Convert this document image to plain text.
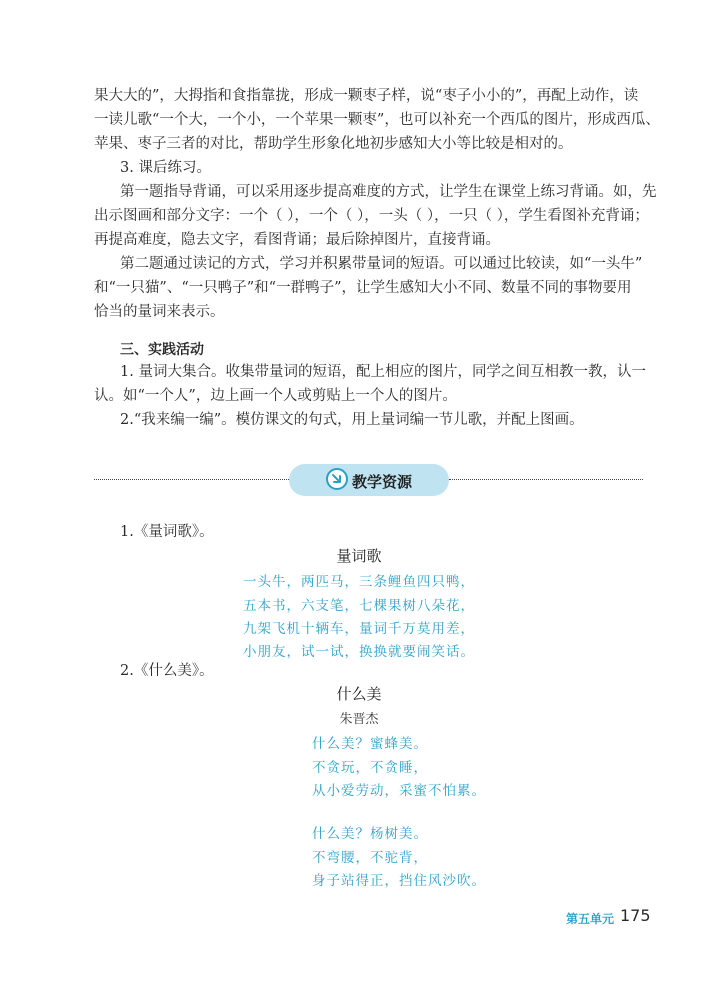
果大大的”，大拇指和食指靠拢，形成一颗枣子样，说“枣子小小的”，再配上动作，读
一读儿歌“一个大，一个小，一个苹果一颗枣”，也可以补充一个西瓜的图片，形成西瓜、
苹果、枣子三者的对比，帮助学生形象化地初步感知大小等比较是相对的。
3. 课后练习。
第一题指导背诵，可以采用逐步提高难度的方式，让学生在课堂上练习背诵。如，先
出示图画和部分文字：一个（ ），一个（ ），一头（ ），一只（ ），学生看图补充背诵；
再提高难度，隐去文字，看图背诵；最后除掉图片，直接背诵。
第二题通过读记的方式，学习并积累带量词的短语。可以通过比较读，如“一头牛”
和“一只猫”、“一只鸭子”和“一群鸭子”，让学生感知大小不同、数量不同的事物要用
恰当的量词来表示。
三、实践活动
1. 量词大集合。收集带量词的短语，配上相应的图片，同学之间互相教一教，认一
认。如“一个人”，边上画一个人或剪贴上一个人的图片。
2.“我来编一编”。模仿课文的句式，用上量词编一节儿歌，并配上图画。
教学资源
1.《量词歌》。
量词歌
一头牛，两匹马，三条鲤鱼四只鸭，
五本书，六支笔，七棵果树八朵花，
九架飞机十辆车，量词千万莫用差，
小朋友，试一试，换换就要闹笑话。
2.《什么美》。
什么美
朱晋杰
什么美？蜜蜂美。
不贪玩，不贪睡，
从小爱劳动，采蜜不怕累。
什么美？杨树美。
不弯腰，不驼背，
身子站得正，挡住风沙吹。
第五单元 175
